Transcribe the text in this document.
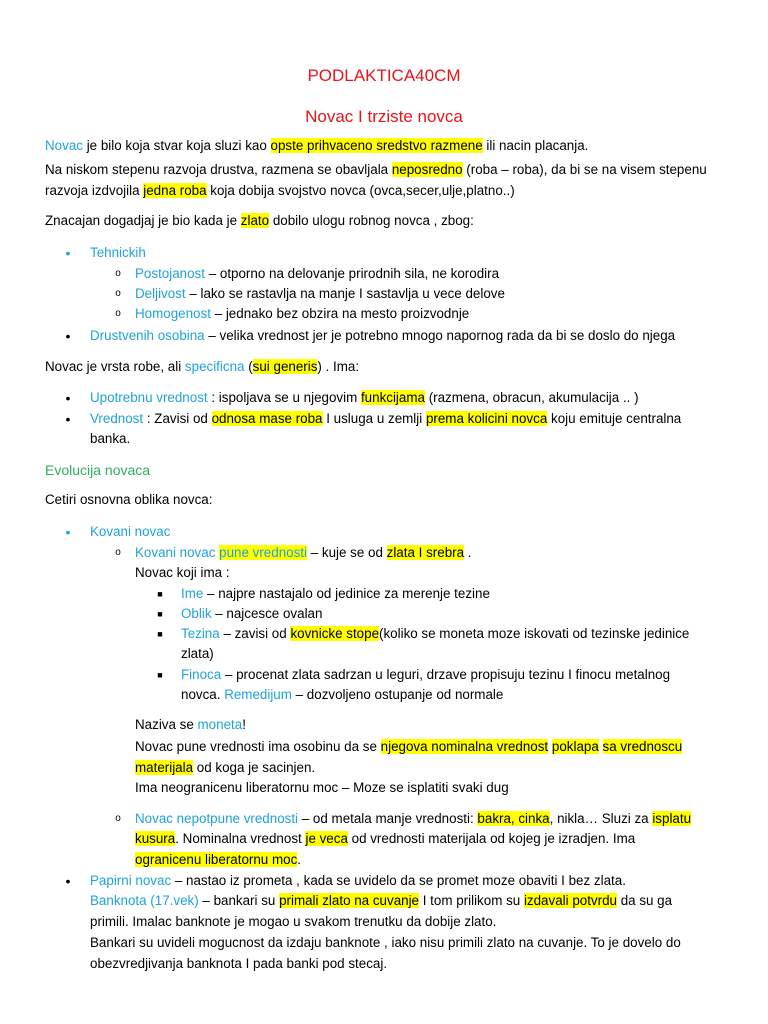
PODLAKTICA40CM
Novac I trziste novca
Novac je bilo koja stvar koja sluzi kao opste prihvaceno sredstvo razmene ili nacin placanja.
Na niskom stepenu razvoja drustva, razmena se obavljala neposredno (roba – roba), da bi se na visem stepenu
razvoja izdvojila jedna roba koja dobija svojstvo novca (ovca,secer,ulje,platno..)
Znacajan dogadjaj je bio kada je zlato dobilo ulogu robnog novca , zbog:
• Tehnickih
o Postojanost – otporno na delovanje prirodnih sila, ne korodira
o Deljivost – lako se rastavlja na manje I sastavlja u vece delove
o Homogenost – jednako bez obzira na mesto proizvodnje
• Drustvenih osobina – velika vrednost jer je potrebno mnogo napornog rada da bi se doslo do njega
Novac je vrsta robe, ali specificna (sui generis) . Ima:
• Upotrebnu vrednost : ispoljava se u njegovim funkcijama (razmena, obracun, akumulacija .. )
• Vrednost : Zavisi od odnosa mase roba I usluga u zemlji prema kolicini novca koju emituje centralna
banka.
Evolucija novaca
Cetiri osnovna oblika novca:
• Kovani novac
o Kovani novac pune vrednosti – kuje se od zlata I srebra .
Novac koji ima :
■ Ime – najpre nastajalo od jedinice za merenje tezine
■ Oblik – najcesce ovalan
■ Tezina – zavisi od kovnicke stope(koliko se moneta moze iskovati od tezinske jedinice
zlata)
■ Finoca – procenat zlata sadrzan u leguri, drzave propisuju tezinu I finocu metalnog
novca. Remedijum – dozvoljeno ostupanje od normale
Naziva se moneta!
Novac pune vrednosti ima osobinu da se njegova nominalna vrednost poklapa sa vrednoscu
materijala od koga je sacinjen.
Ima neogranicenu liberatornu moc – Moze se isplatiti svaki dug
o Novac nepotpune vrednosti – od metala manje vrednosti: bakra, cinka, nikla… Sluzi za isplatu
kusura. Nominalna vrednost je veca od vrednosti materijala od kojeg je izradjen. Ima
ogranicenu liberatornu moc.
• Papirni novac – nastao iz prometa , kada se uvidelo da se promet moze obaviti I bez zlata.
Banknota (17.vek) – bankari su primali zlato na cuvanje I tom prilikom su izdavali potvrdu da su ga
primili. Imalac banknote je mogao u svakom trenutku da dobije zlato.
Bankari su uvideli mogucnost da izdaju banknote , iako nisu primili zlato na cuvanje. To je dovelo do
obezvredjivanja banknota I pada banki pod stecaj.
